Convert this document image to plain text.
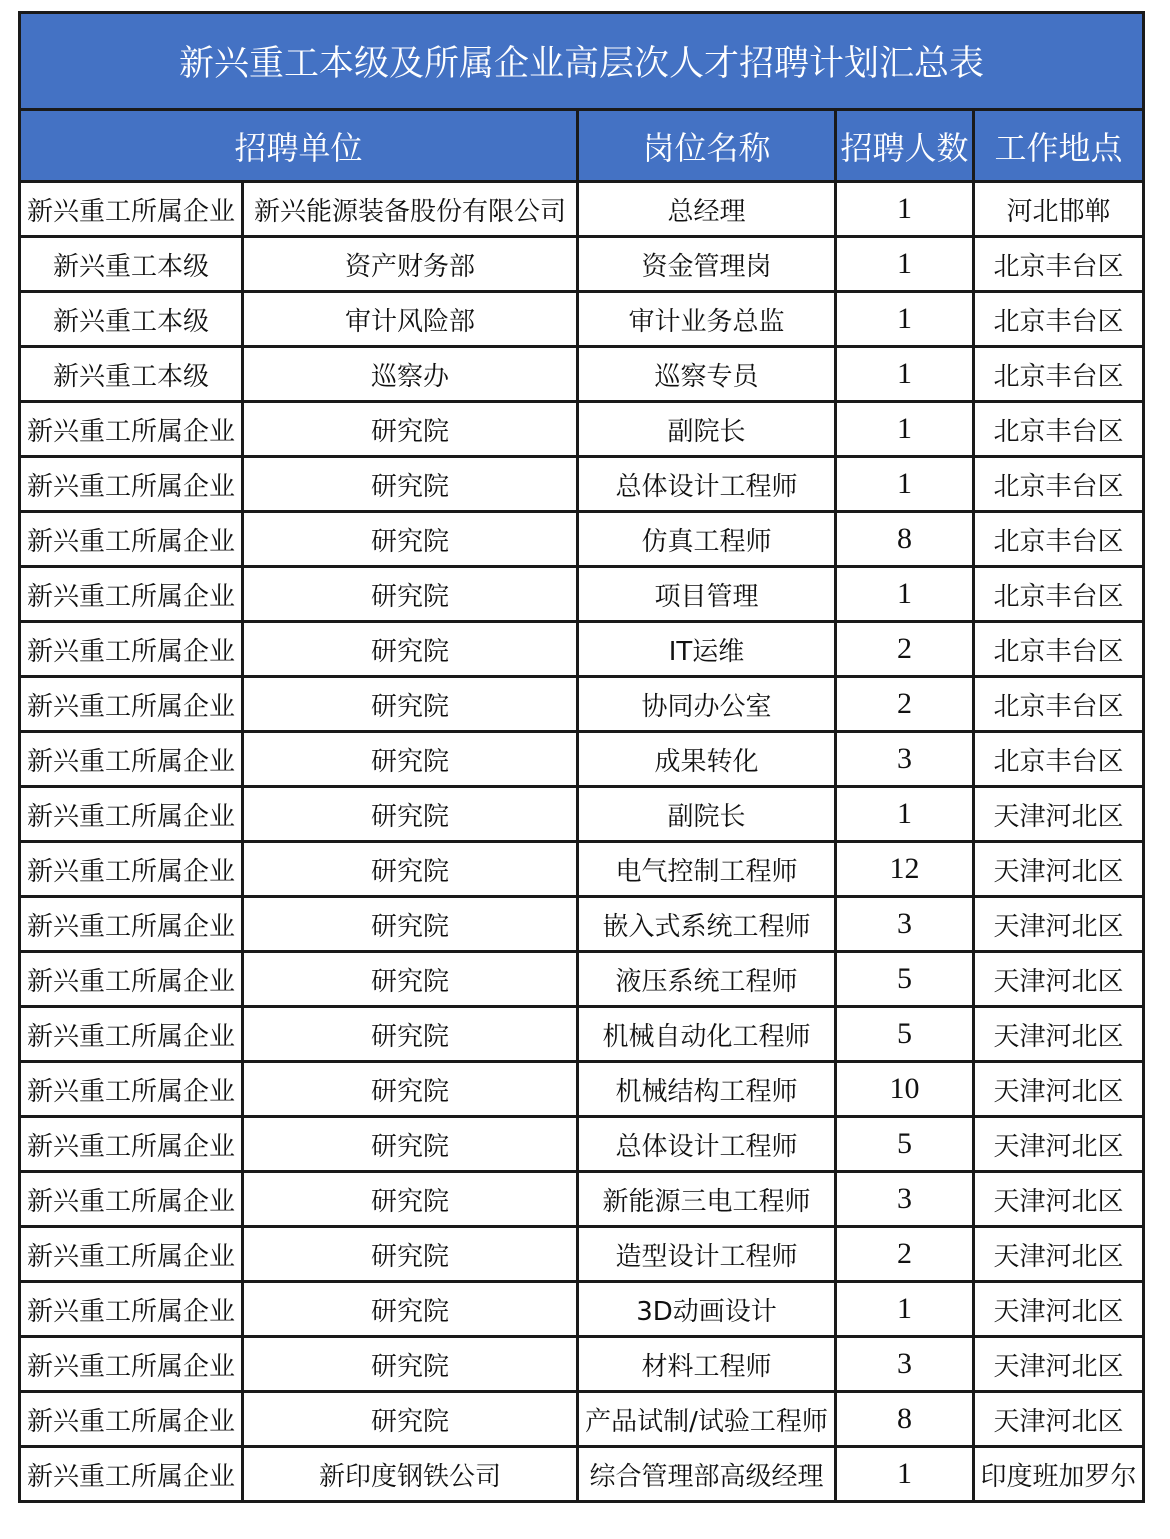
新兴重工本级及所属企业高层次人才招聘计划汇总表				
招聘单位		岗位名称	招聘人数	工作地点
新兴重工所属企业	新兴能源装备股份有限公司	总经理	1	河北邯郸
新兴重工本级	资产财务部	资金管理岗	1	北京丰台区
新兴重工本级	审计风险部	审计业务总监	1	北京丰台区
新兴重工本级	巡察办	巡察专员	1	北京丰台区
新兴重工所属企业	研究院	副院长	1	北京丰台区
新兴重工所属企业	研究院	总体设计工程师	1	北京丰台区
新兴重工所属企业	研究院	仿真工程师	8	北京丰台区
新兴重工所属企业	研究院	项目管理	1	北京丰台区
新兴重工所属企业	研究院	IT运维	2	北京丰台区
新兴重工所属企业	研究院	协同办公室	2	北京丰台区
新兴重工所属企业	研究院	成果转化	3	北京丰台区
新兴重工所属企业	研究院	副院长	1	天津河北区
新兴重工所属企业	研究院	电气控制工程师	12	天津河北区
新兴重工所属企业	研究院	嵌入式系统工程师	3	天津河北区
新兴重工所属企业	研究院	液压系统工程师	5	天津河北区
新兴重工所属企业	研究院	机械自动化工程师	5	天津河北区
新兴重工所属企业	研究院	机械结构工程师	10	天津河北区
新兴重工所属企业	研究院	总体设计工程师	5	天津河北区
新兴重工所属企业	研究院	新能源三电工程师	3	天津河北区
新兴重工所属企业	研究院	造型设计工程师	2	天津河北区
新兴重工所属企业	研究院	3D动画设计	1	天津河北区
新兴重工所属企业	研究院	材料工程师	3	天津河北区
新兴重工所属企业	研究院	产品试制/试验工程师	8	天津河北区
新兴重工所属企业	新印度钢铁公司	综合管理部高级经理	1	印度班加罗尔
